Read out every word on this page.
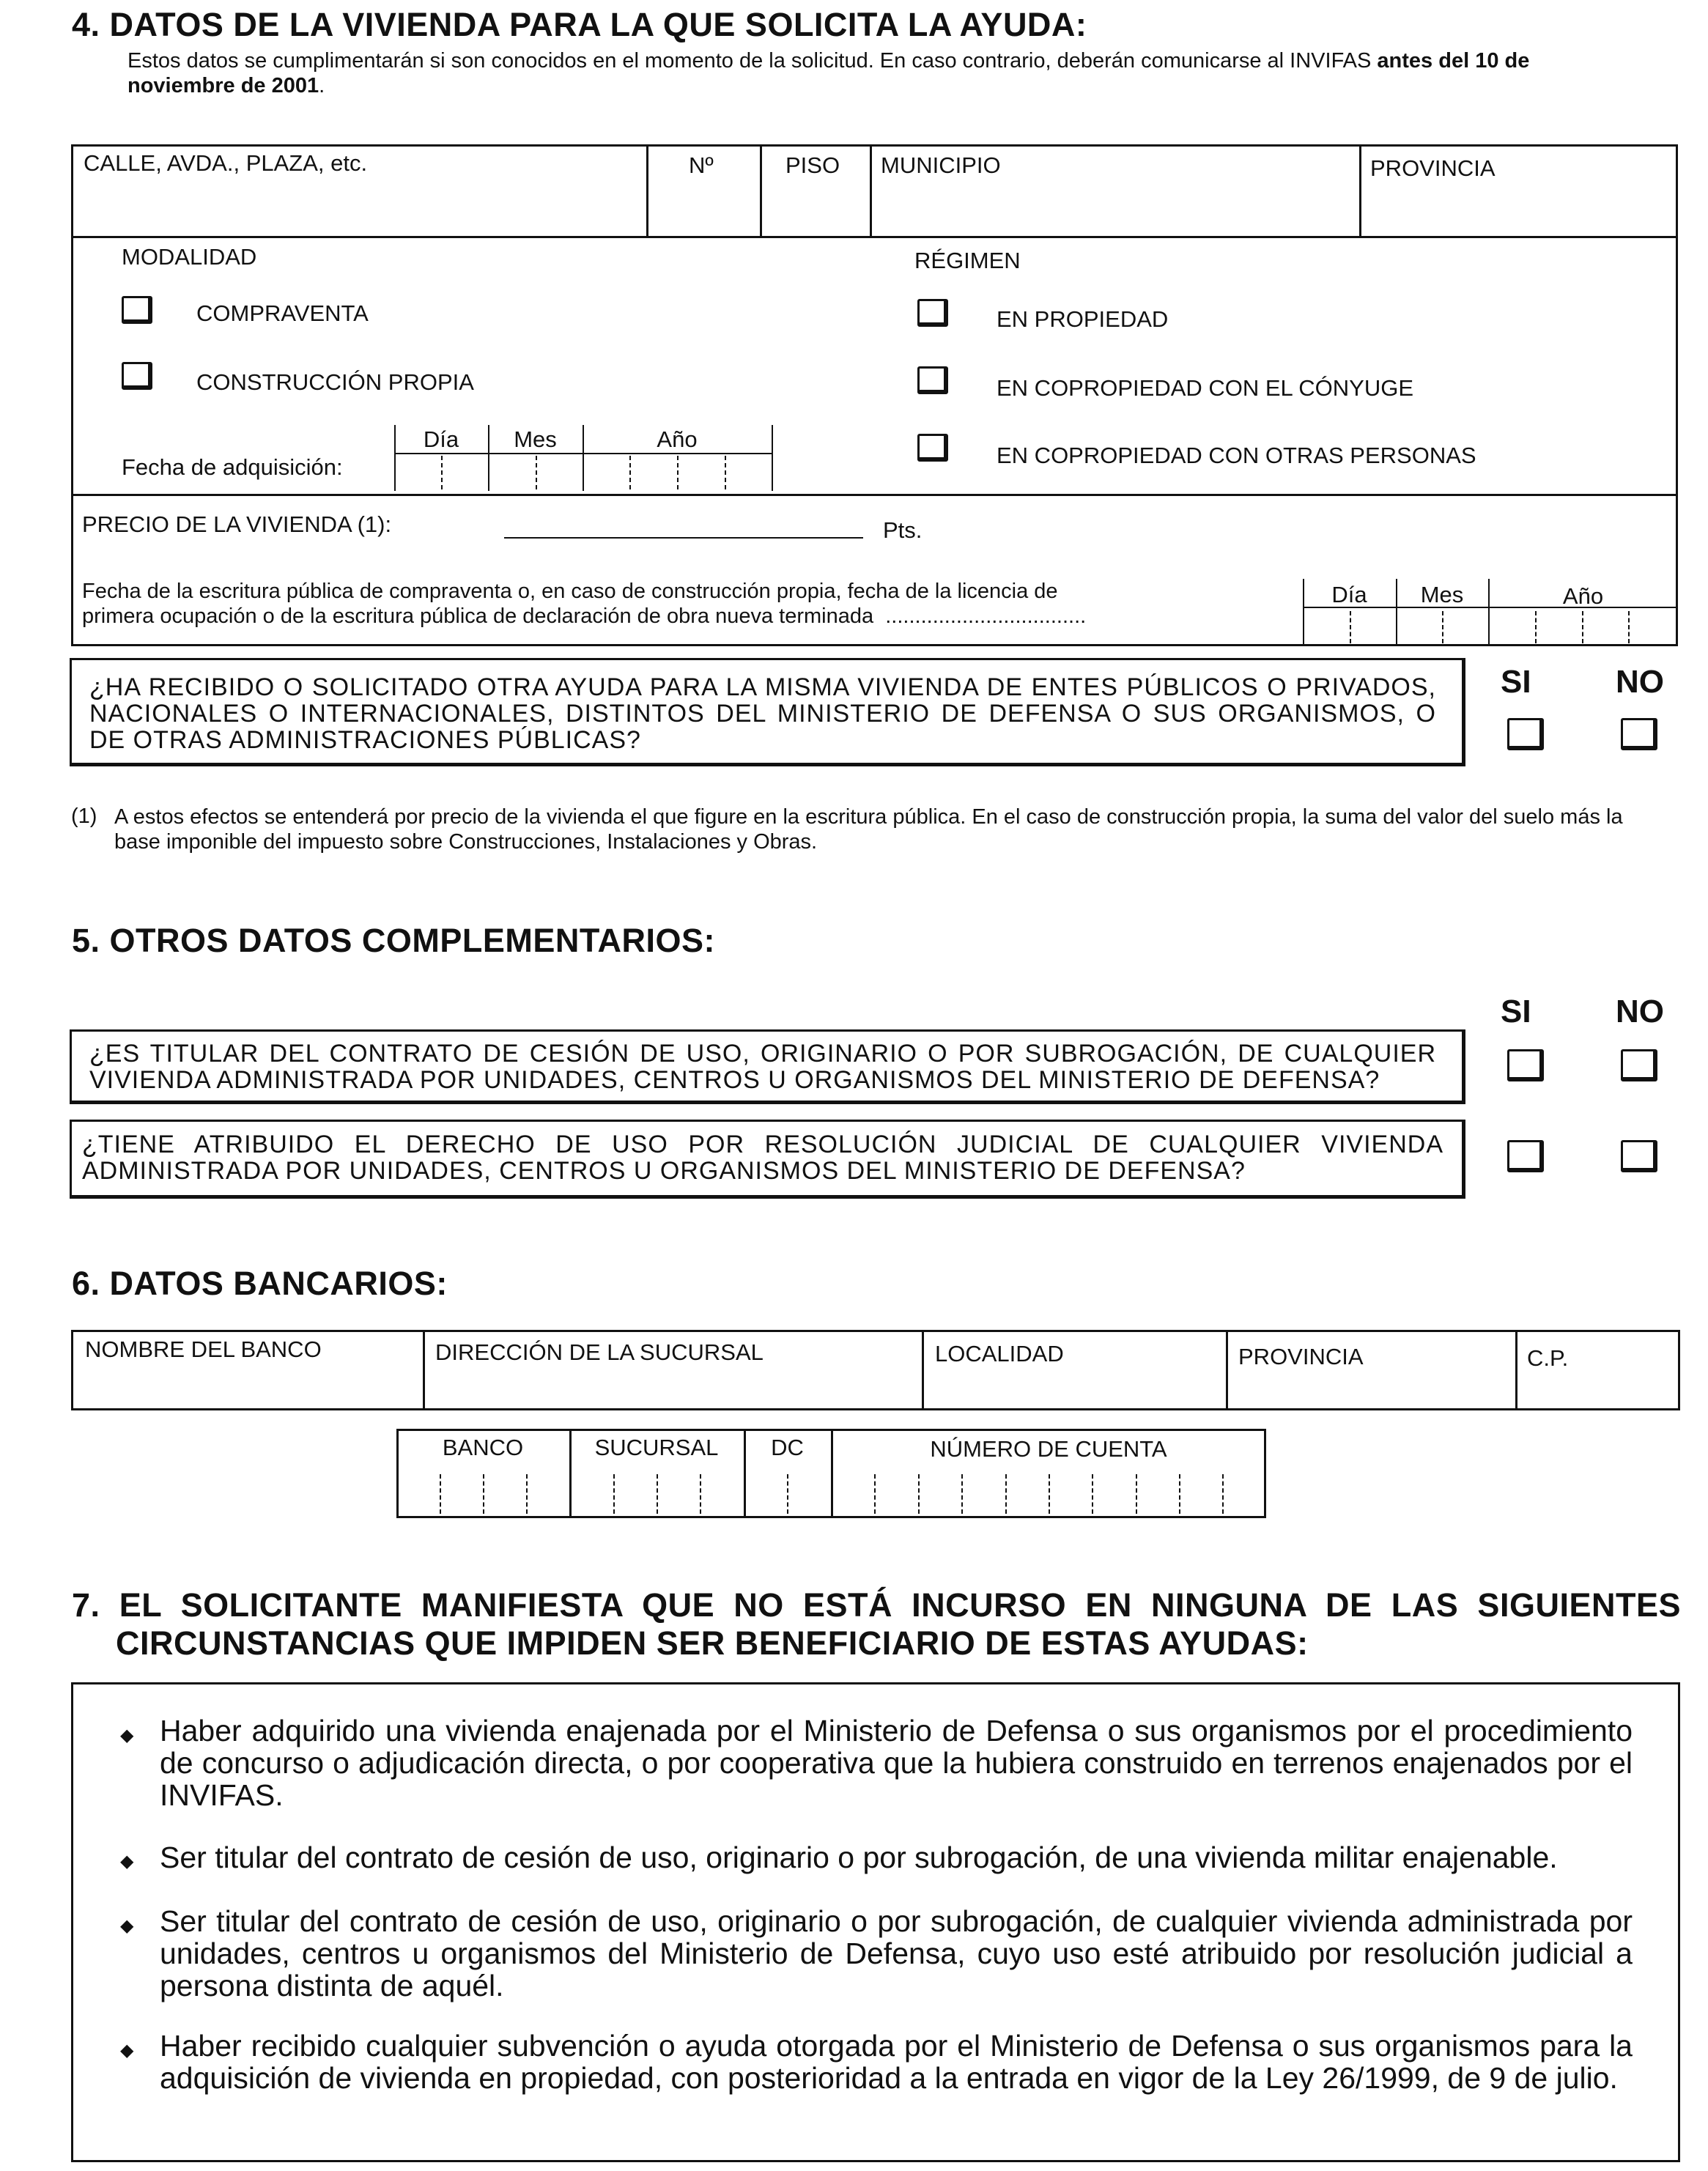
4. DATOS DE LA VIVIENDA PARA LA QUE SOLICITA LA AYUDA:
Estos datos se cumplimentarán si son conocidos en el momento de la solicitud. En caso contrario, deberán comunicarse al INVIFAS antes del 10 de
noviembre de 2001.
CALLE, AVDA., PLAZA, etc.	Nº	PISO MUNICIPIO	PROVINCIA
MODALIDAD	RÉGIMEN
COMPRAVENTA
CONSTRUCCIÓN PROPIA
EN PROPIEDAD
EN COPROPIEDAD CON EL CÓNYUGE
EN COPROPIEDAD CON OTRAS PERSONAS
Fecha de adquisición:
Día	Mes	Año
PRECIO DE LA VIVIENDA (1):	Pts.
Fecha de la escritura pública de compraventa o, en caso de construcción propia, fecha de la licencia de
primera ocupación o de la escritura pública de declaración de obra nueva terminada ..................................
Día	Mes	Año
¿HA RECIBIDO O SOLICITADO OTRA AYUDA PARA LA MISMA VIVIENDA DE ENTES PÚBLICOS O PRIVADOS, NACIONALES O INTERNACIONALES, DISTINTOS DEL MINISTERIO DE DEFENSA O SUS ORGANISMOS, O DE OTRAS ADMINISTRACIONES PÚBLICAS?
SI	NO
(1) A estos efectos se entenderá por precio de la vivienda el que figure en la escritura pública. En el caso de construcción propia, la suma del valor del suelo más la base imponible del impuesto sobre Construcciones, Instalaciones y Obras.
5. OTROS DATOS COMPLEMENTARIOS:
SI	NO
¿ES TITULAR DEL CONTRATO DE CESIÓN DE USO, ORIGINARIO O POR SUBROGACIÓN, DE CUALQUIER VIVIENDA ADMINISTRADA POR UNIDADES, CENTROS U ORGANISMOS DEL MINISTERIO DE DEFENSA?
¿TIENE ATRIBUIDO EL DERECHO DE USO POR RESOLUCIÓN JUDICIAL DE CUALQUIER VIVIENDA ADMINISTRADA POR UNIDADES, CENTROS U ORGANISMOS DEL MINISTERIO DE DEFENSA?
6. DATOS BANCARIOS:
NOMBRE DEL BANCO	DIRECCIÓN DE LA SUCURSAL	LOCALIDAD	PROVINCIA	C.P.
BANCO	SUCURSAL	DC	NÚMERO DE CUENTA
7. EL SOLICITANTE MANIFIESTA QUE NO ESTÁ INCURSO EN NINGUNA DE LAS SIGUIENTES
CIRCUNSTANCIAS QUE IMPIDEN SER BENEFICIARIO DE ESTAS AYUDAS:
◆ Haber adquirido una vivienda enajenada por el Ministerio de Defensa o sus organismos por el procedimiento de concurso o adjudicación directa, o por cooperativa que la hubiera construido en terrenos enajenados por el INVIFAS.
◆ Ser titular del contrato de cesión de uso, originario o por subrogación, de una vivienda militar enajenable.
◆ Ser titular del contrato de cesión de uso, originario o por subrogación, de cualquier vivienda administrada por unidades, centros u organismos del Ministerio de Defensa, cuyo uso esté atribuido por resolución judicial a persona distinta de aquél.
◆ Haber recibido cualquier subvención o ayuda otorgada por el Ministerio de Defensa o sus organismos para la adquisición de vivienda en propiedad, con posterioridad a la entrada en vigor de la Ley 26/1999, de 9 de julio.
